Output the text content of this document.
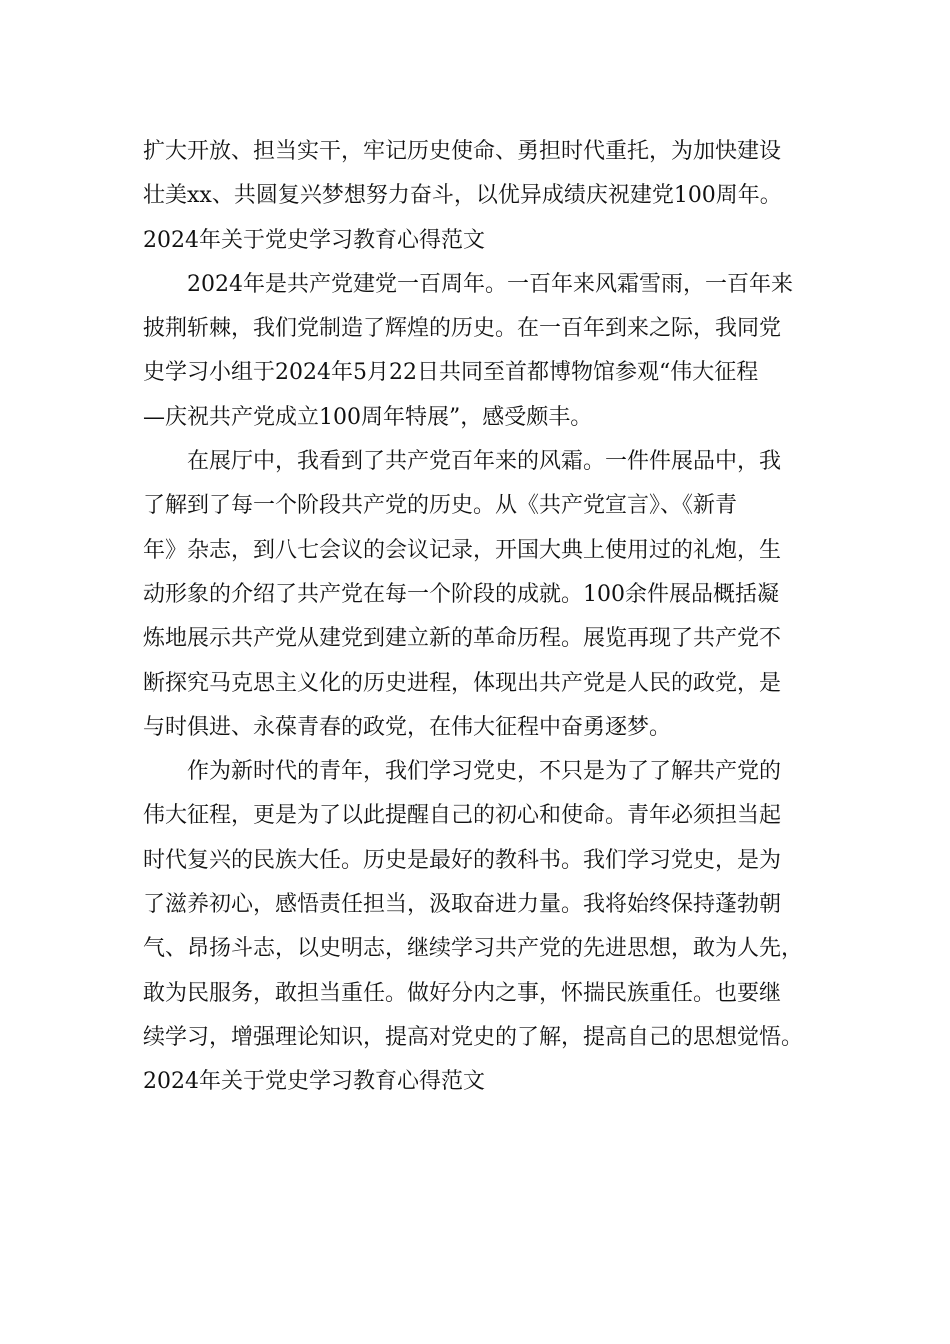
扩大开放、担当实干，牢记历史使命、勇担时代重托，为加快建设
壮美xx、共圆复兴梦想努力奋斗，以优异成绩庆祝建党100周年。
2024年关于党史学习教育心得范文
2024年是共产党建党一百周年。一百年来风霜雪雨，一百年来
披荆斩棘，我们党制造了辉煌的历史。在一百年到来之际，我同党
史学习小组于2024年5月22日共同至首都博物馆参观“伟大征程
—庆祝共产党成立100周年特展”，感受颇丰。
在展厅中，我看到了共产党百年来的风霜。一件件展品中，我
了解到了每一个阶段共产党的历史。从《共产党宣言》、《新青
年》杂志，到八七会议的会议记录，开国大典上使用过的礼炮，生
动形象的介绍了共产党在每一个阶段的成就。100余件展品概括凝
炼地展示共产党从建党到建立新的革命历程。展览再现了共产党不
断探究马克思主义化的历史进程，体现出共产党是人民的政党，是
与时俱进、永葆青春的政党，在伟大征程中奋勇逐梦。
作为新时代的青年，我们学习党史，不只是为了了解共产党的
伟大征程，更是为了以此提醒自己的初心和使命。青年必须担当起
时代复兴的民族大任。历史是最好的教科书。我们学习党史，是为
了滋养初心，感悟责任担当，汲取奋进力量。我将始终保持蓬勃朝
气、昂扬斗志，以史明志，继续学习共产党的先进思想，敢为人先，
敢为民服务，敢担当重任。做好分内之事，怀揣民族重任。也要继
续学习，增强理论知识，提高对党史的了解，提高自己的思想觉悟。
2024年关于党史学习教育心得范文
